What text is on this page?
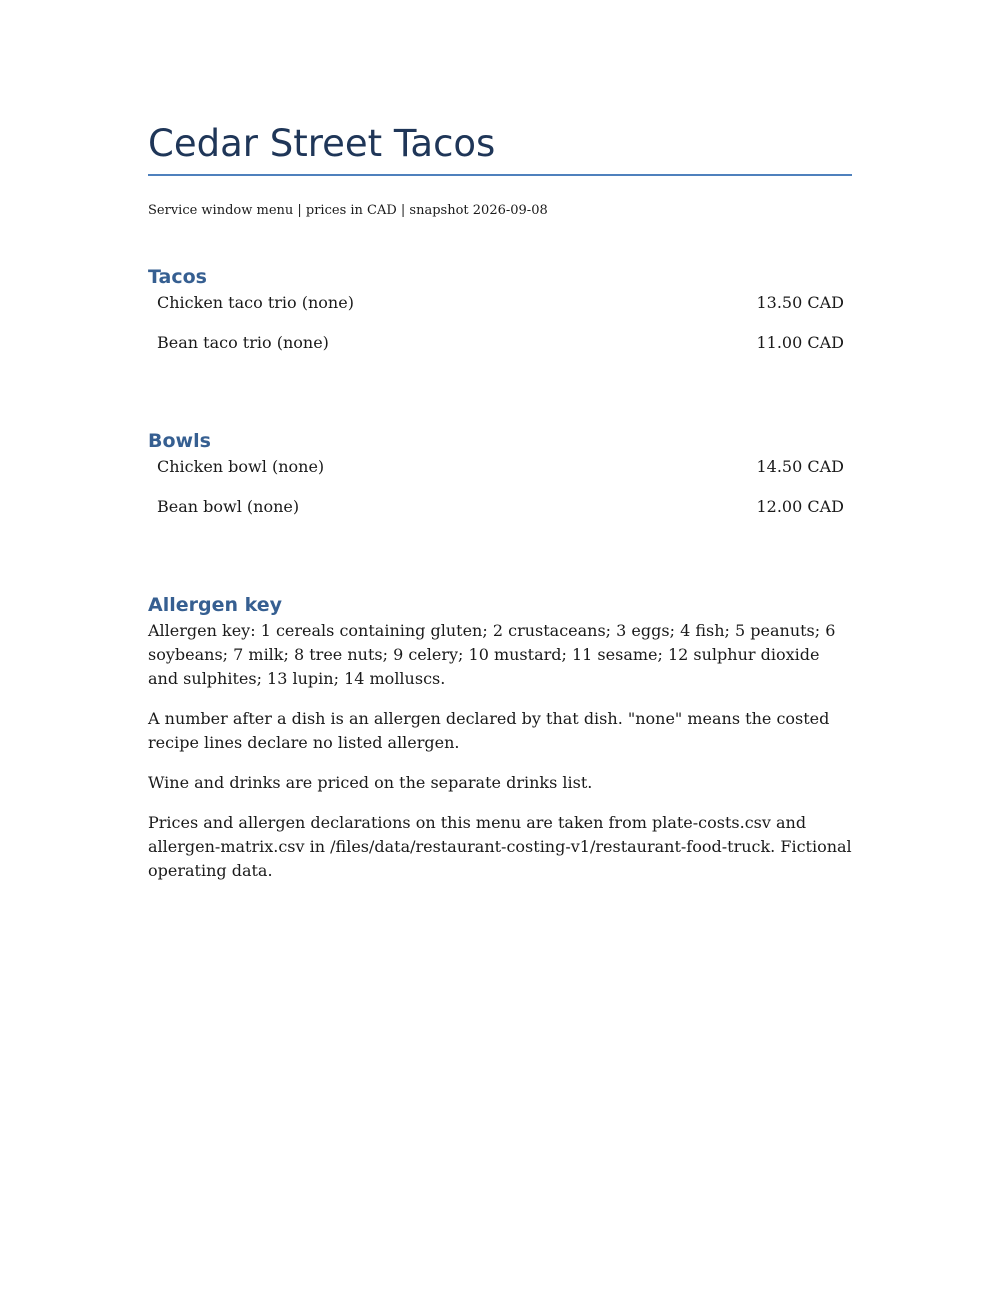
Cedar Street Tacos

Service window menu | prices in CAD | snapshot 2026-09-08

Tacos
Chicken taco trio (none)	13.50 CAD
Bean taco trio (none)	11.00 CAD
Bowls
Chicken bowl (none)	14.50 CAD
Bean bowl (none)	12.00 CAD
Allergen key

Allergen key: 1 cereals containing gluten; 2 crustaceans; 3 eggs; 4 fish; 5 peanuts; 6 soybeans; 7 milk; 8 tree nuts; 9 celery; 10 mustard; 11 sesame; 12 sulphur dioxide and sulphites; 13 lupin; 14 molluscs.

A number after a dish is an allergen declared by that dish. "none" means the costed recipe lines declare no listed allergen.

Wine and drinks are priced on the separate drinks list.

Prices and allergen declarations on this menu are taken from plate-costs.csv and allergen-matrix.csv in /files/data/restaurant-costing-v1/restaurant-food-truck. Fictional operating data.
